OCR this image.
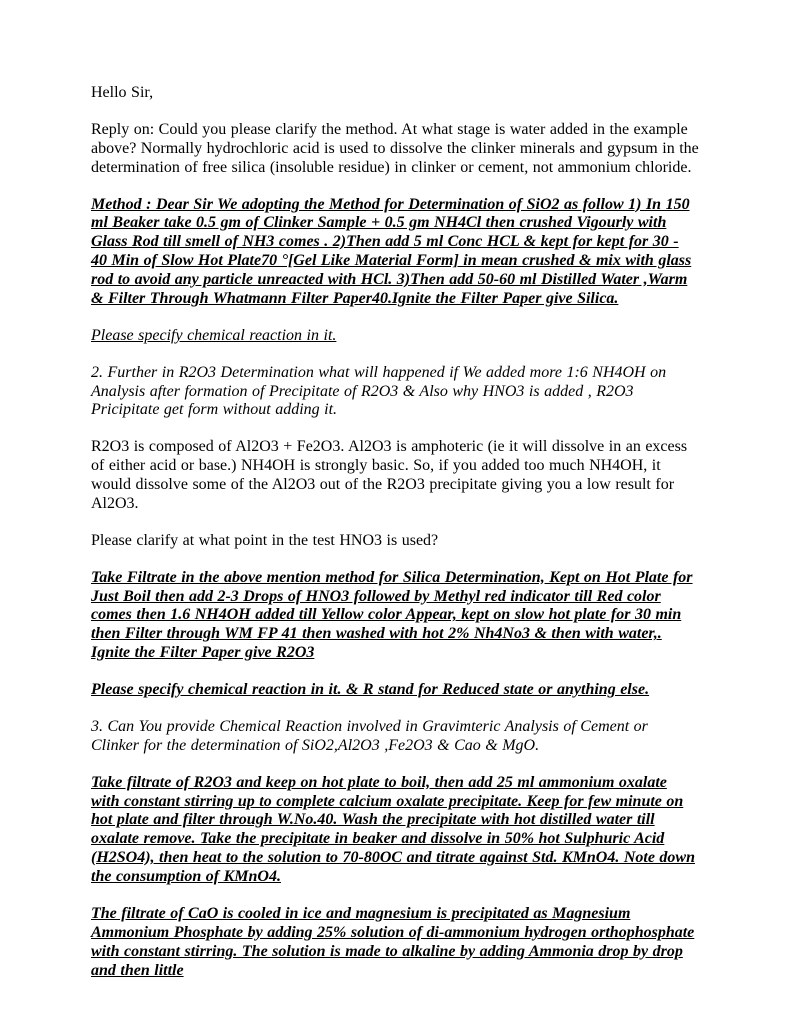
Hello Sir,

Reply on: Could you please clarify the method. At what stage is water added in the example above? Normally hydrochloric acid is used to dissolve the clinker minerals and gypsum in the determination of free silica (insoluble residue) in clinker or cement, not ammonium chloride.

Method : Dear Sir We adopting the Method for Determination of SiO2 as follow 1) In 150 ml Beaker take 0.5 gm of Clinker Sample + 0.5 gm NH4Cl then crushed Vigourly with Glass Rod till smell of NH3 comes . 2)Then add 5 ml Conc HCL & kept for kept for 30 - 40 Min of Slow Hot Plate70 °[Gel Like Material Form] in mean crushed & mix with glass rod to avoid any particle unreacted with HCl. 3)Then add 50-60 ml Distilled Water ,Warm & Filter Through Whatmann Filter Paper40.Ignite the Filter Paper give Silica.

Please specify chemical reaction in it.

2. Further in R2O3 Determination what will happened if We added more 1:6 NH4OH on Analysis after formation of Precipitate of R2O3 & Also why HNO3 is added , R2O3 Pricipitate get form without adding it.

R2O3 is composed of Al2O3 + Fe2O3. Al2O3 is amphoteric (ie it will dissolve in an excess of either acid or base.) NH4OH is strongly basic. So, if you added too much NH4OH, it would dissolve some of the Al2O3 out of the R2O3 precipitate giving you a low result for Al2O3.

Please clarify at what point in the test HNO3 is used?

Take Filtrate in the above mention method for Silica Determination, Kept on Hot Plate for Just Boil then add 2-3 Drops of HNO3 followed by Methyl red indicator till Red color comes then 1.6 NH4OH added till Yellow color Appear, kept on slow hot plate for 30 min then Filter through WM FP 41 then washed with hot 2% Nh4No3 & then with water,. Ignite the Filter Paper give R2O3

Please specify chemical reaction in it. & R stand for Reduced state or anything else.

3. Can You provide Chemical Reaction involved in Gravimteric Analysis of Cement or Clinker for the determination of SiO2,Al2O3 ,Fe2O3 & Cao & MgO.

Take filtrate of R2O3 and keep on hot plate to boil, then add 25 ml ammonium oxalate with constant stirring up to complete calcium oxalate precipitate. Keep for few minute on hot plate and filter through W.No.40. Wash the precipitate with hot distilled water till oxalate remove. Take the precipitate in beaker and dissolve in 50% hot Sulphuric Acid (H2SO4), then heat to the solution to 70-80OC and titrate against Std. KMnO4. Note down the consumption of KMnO4.

The filtrate of CaO is cooled in ice and magnesium is precipitated as Magnesium Ammonium Phosphate by adding 25% solution of di-ammonium hydrogen orthophosphate with constant stirring. The solution is made to alkaline by adding Ammonia drop by drop and then little
